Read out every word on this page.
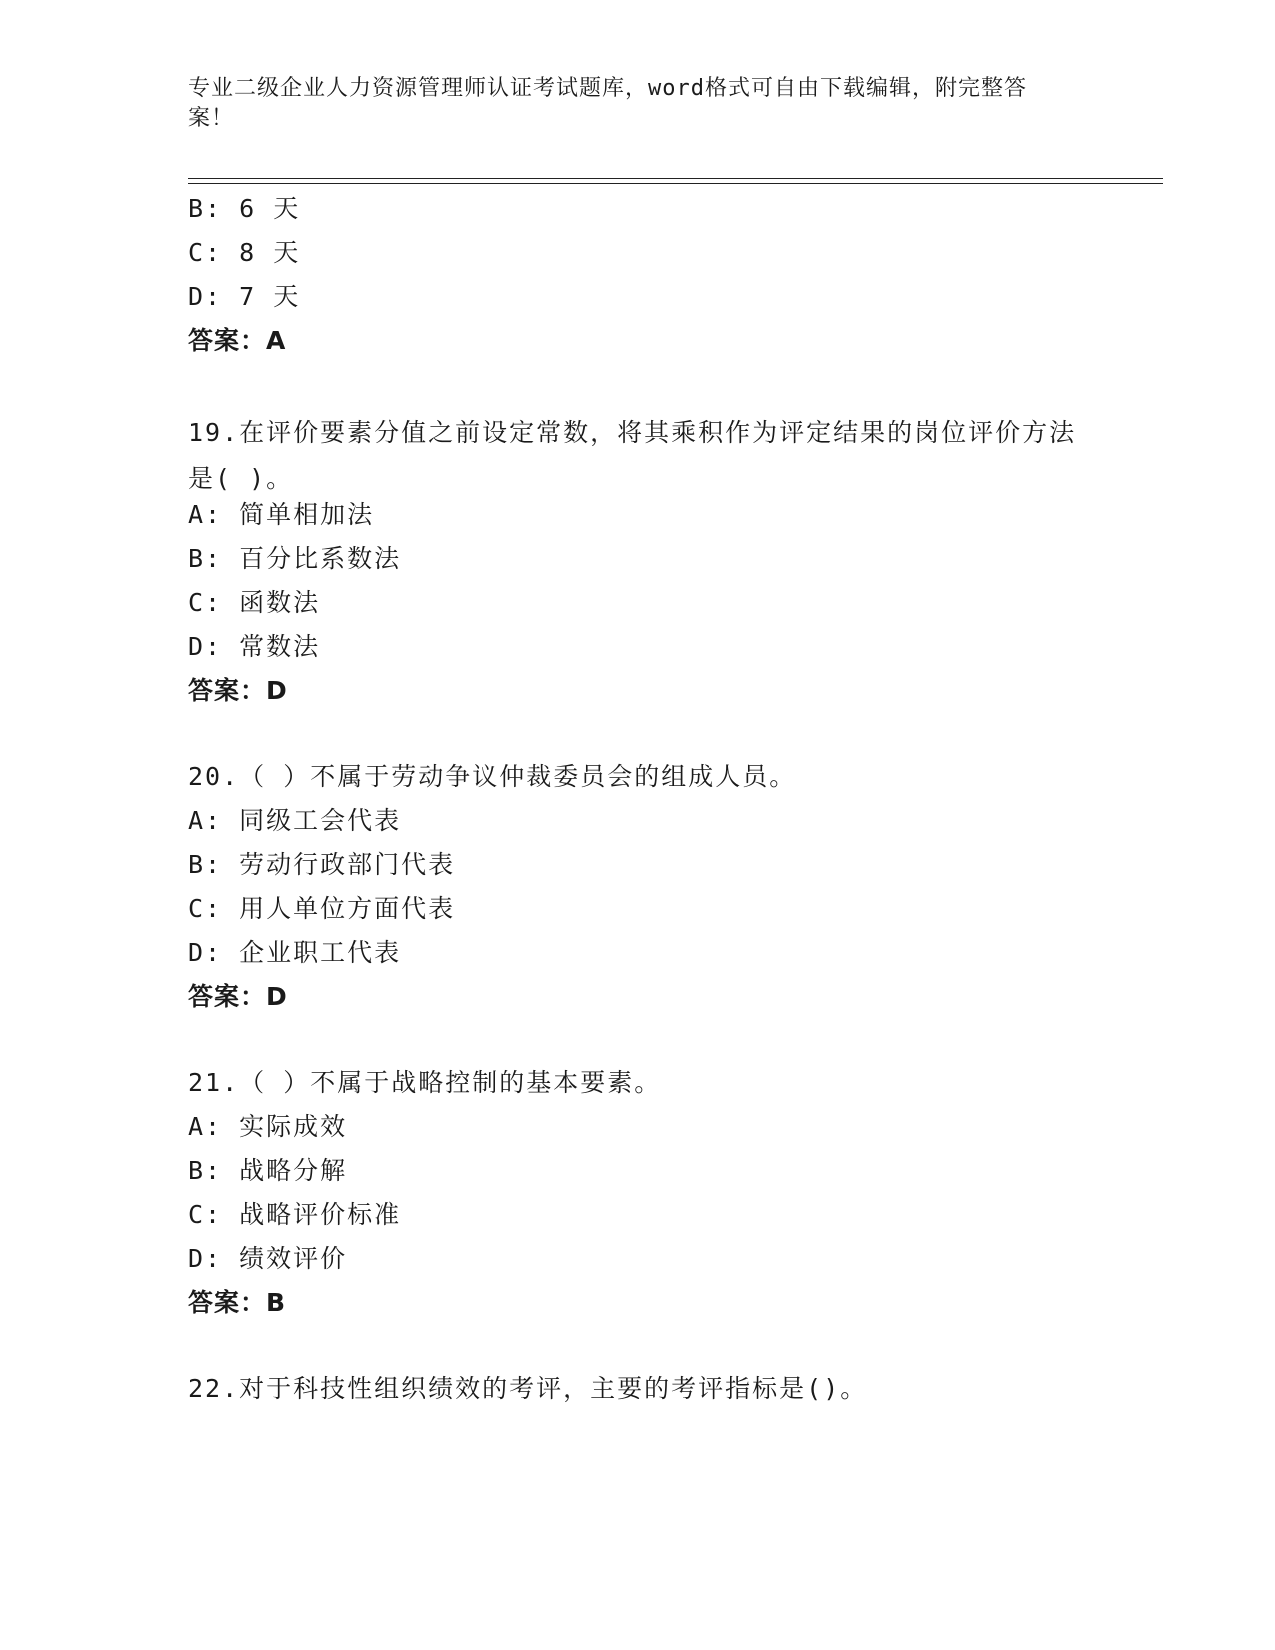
专业二级企业人力资源管理师认证考试题库，word格式可自由下载编辑，附完整答案！
B: 6 天
C: 8 天
D: 7 天
答案：A
19.在评价要素分值之前设定常数，将其乘积作为评定结果的岗位评价方法是( )。
A: 简单相加法
B: 百分比系数法
C: 函数法
D: 常数法
答案：D
20.（ ）不属于劳动争议仲裁委员会的组成人员。
A: 同级工会代表
B: 劳动行政部门代表
C: 用人单位方面代表
D: 企业职工代表
答案：D
21.（ ）不属于战略控制的基本要素。
A: 实际成效
B: 战略分解
C: 战略评价标准
D: 绩效评价
答案：B
22.对于科技性组织绩效的考评，主要的考评指标是()。
